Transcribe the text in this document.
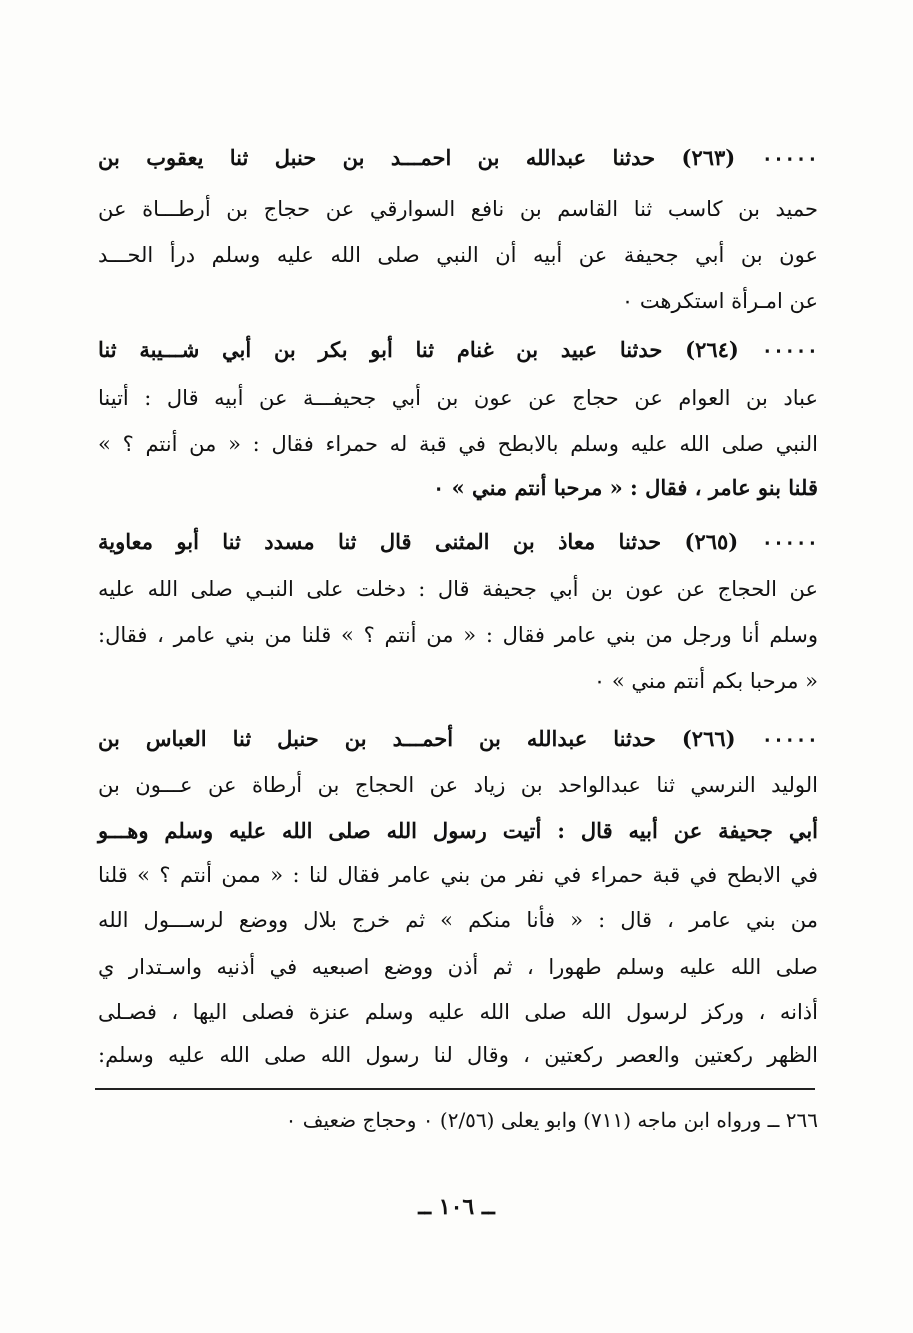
٠٠٠٠٠ (٢٦٣) حدثنا عبدالله بن احمـــد بن حنبل ثنا يعقوب بن
حميد بن كاسب ثنا القاسم بن نافع السوارقي عن حجاج بن أرطـــاة عن
عون بن أبي جحيفة عن أبيه أن النبي صلى الله عليه وسلم درأ الحـــد
عن امـرأة استكرهت ٠
٠٠٠٠٠ (٢٦٤) حدثنا عبيد بن غنام ثنا أبو بكر بن أبي شـــيبة ثنا
عباد بن العوام عن حجاج عن عون بن أبي جحيفـــة عن أبيه قال : أتينا
النبي صلى الله عليه وسلم بالابطح في قبة له حمراء فقال : « من أنتم ؟ »
قلنا بنو عامر ، فقال : « مرحبا أنتم مني » ٠
٠٠٠٠٠ (٢٦٥) حدثنا معاذ بن المثنى قال ثنا مسدد ثنا أبو معاوية
عن الحجاج عن عون بن أبي جحيفة قال : دخلت على النبـي صلى الله عليه
وسلم أنا ورجل من بني عامر فقال : « من أنتم ؟ » قلنا من بني عامر ، فقال:
« مرحبا بكم أنتم مني » ٠
٠٠٠٠٠ (٢٦٦) حدثنا عبدالله بن أحمـــد بن حنبل ثنا العباس بن
الوليد النرسي ثنا عبدالواحد بن زياد عن الحجاج بن أرطاة عن عـــون بن
أبي جحيفة عن أبيه قال : أتيت رسول الله صلى الله عليه وسلم وهـــو
في الابطح في قبة حمراء في نفر من بني عامر فقال لنا : « ممن أنتم ؟ » قلنا
من بني عامر ، قال : « فأنا منكم » ثم خرج بلال ووضع لرســـول الله
صلى الله عليه وسلم طهورا ، ثم أذن ووضع اصبعيه في أذنيه واسـتدار ي
أذانه ، وركز لرسول الله صلى الله عليه وسلم عنزة فصلى اليها ، فصـلى
الظهر ركعتين والعصر ركعتين ، وقال لنا رسول الله صلى الله عليه وسلم:
٢٦٦ ــ ورواه ابن ماجه (٧١١) وابو يعلى (٢/٥٦) ٠ وحجاج ضعيف ٠
ــ ١٠٦ ــ
